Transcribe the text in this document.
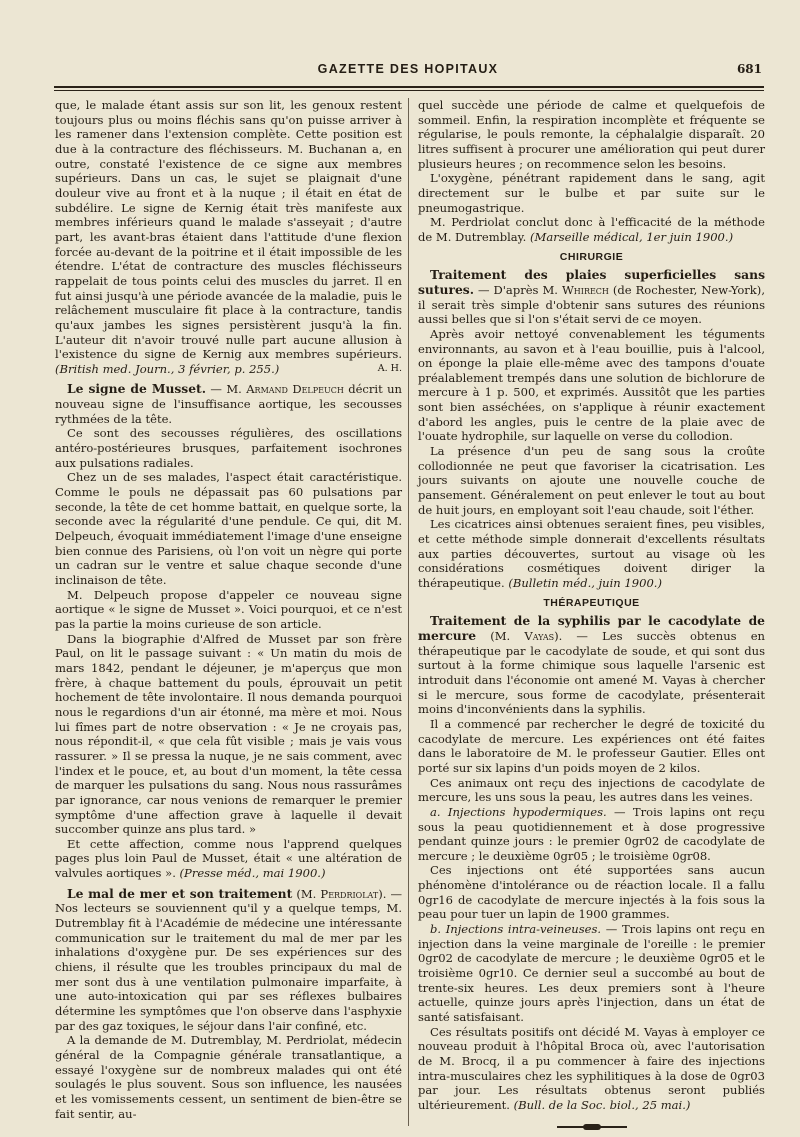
GAZETTE DES HOPITAUX	681

que, le malade étant assis sur son lit, les genoux restent toujours plus ou moins fléchis sans qu'on puisse arriver à les ramener dans l'extension complète. Cette position est due à la contracture des fléchisseurs. M. Buchanan a, en outre, constaté l'existence de ce signe aux membres supérieurs. Dans un cas, le sujet se plaignait d'une douleur vive au front et à la nuque ; il était en état de subdélire. Le signe de Kernig était très manifeste aux membres inférieurs quand le malade s'asseyait ; d'autre part, les avant-bras étaient dans l'attitude d'une flexion forcée au-devant de la poitrine et il était impossible de les étendre. L'état de contracture des muscles fléchisseurs rappelait de tous points celui des muscles du jarret. Il en fut ainsi jusqu'à une période avancée de la maladie, puis le relâchement musculaire fit place à la contracture, tandis qu'aux jambes les signes persistèrent jusqu'à la fin. L'auteur dit n'avoir trouvé nulle part aucune allusion à l'existence du signe de Kernig aux membres supérieurs. (British med. Journ., 3 février, p. 255.)	A. H.

Le signe de Musset. — M. Armand Delpeuch décrit un nouveau signe de l'insuffisance aortique, les secousses rythmées de la tête.

Ce sont des secousses régulières, des oscillations antéro-postérieures brusques, parfaitement isochrones aux pulsations radiales.

Chez un de ses malades, l'aspect était caractéristique. Comme le pouls ne dépassait pas 60 pulsations par seconde, la tête de cet homme battait, en quelque sorte, la seconde avec la régularité d'une pendule. Ce qui, dit M. Delpeuch, évoquait immédiatement l'image d'une enseigne bien connue des Parisiens, où l'on voit un nègre qui porte un cadran sur le ventre et salue chaque seconde d'une inclinaison de tête.

M. Delpeuch propose d'appeler ce nouveau signe aortique « le signe de Musset ». Voici pourquoi, et ce n'est pas la partie la moins curieuse de son article.

Dans la biographie d'Alfred de Musset par son frère Paul, on lit le passage suivant : « Un matin du mois de mars 1842, pendant le déjeuner, je m'aperçus que mon frère, à chaque battement du pouls, éprouvait un petit hochement de tête involontaire. Il nous demanda pourquoi nous le regardions d'un air étonné, ma mère et moi. Nous lui fîmes part de notre observation : « Je ne croyais pas, nous répondit-il, « que cela fût visible ; mais je vais vous rassurer. » Il se pressa la nuque, je ne sais comment, avec l'index et le pouce, et, au bout d'un moment, la tête cessa de marquer les pulsations du sang. Nous nous rassurâmes par ignorance, car nous venions de remarquer le premier symptôme d'une affection grave à laquelle il devait succomber quinze ans plus tard. »

Et cette affection, comme nous l'apprend quelques pages plus loin Paul de Musset, était « une altération de valvules aortiques ». (Presse méd., mai 1900.)

Le mal de mer et son traitement (M. Perdriolat). — Nos lecteurs se souviennent qu'il y a quelque temps, M. Dutremblay fit à l'Académie de médecine une intéressante communication sur le traitement du mal de mer par les inhalations d'oxygène pur. De ses expériences sur des chiens, il résulte que les troubles principaux du mal de mer sont dus à une ventilation pulmonaire imparfaite, à une auto-intoxication qui par ses réflexes bulbaires détermine les symptômes que l'on observe dans l'asphyxie par des gaz toxiques, le séjour dans l'air confiné, etc.

A la demande de M. Dutremblay, M. Perdriolat, médecin général de la Compagnie générale transatlantique, a essayé l'oxygène sur de nombreux malades qui ont été soulagés le plus souvent. Sous son influence, les nausées et les vomissements cessent, un sentiment de bien-être se fait sentir, au-

quel succède une période de calme et quelquefois de sommeil. Enfin, la respiration incomplète et fréquente se régularise, le pouls remonte, la céphalalgie disparaît. 20 litres suffisent à procurer une amélioration qui peut durer plusieurs heures ; on recommence selon les besoins.

L'oxygène, pénétrant rapidement dans le sang, agit directement sur le bulbe et par suite sur le pneumogastrique.

M. Perdriolat conclut donc à l'efficacité de la méthode de M. Dutremblay. (Marseille médical, 1er juin 1900.)

CHIRURGIE

Traitement des plaies superficielles sans sutures. — D'après M. Whirech (de Rochester, New-York), il serait très simple d'obtenir sans sutures des réunions aussi belles que si l'on s'était servi de ce moyen.

Après avoir nettoyé convenablement les téguments environnants, au savon et à l'eau bouillie, puis à l'alcool, on éponge la plaie elle-même avec des tampons d'ouate préalablement trempés dans une solution de bichlorure de mercure à 1 p. 500, et exprimés. Aussitôt que les parties sont bien asséchées, on s'applique à réunir exactement d'abord les angles, puis le centre de la plaie avec de l'ouate hydrophile, sur laquelle on verse du collodion.

La présence d'un peu de sang sous la croûte collodionnée ne peut que favoriser la cicatrisation. Les jours suivants on ajoute une nouvelle couche de pansement. Généralement on peut enlever le tout au bout de huit jours, en employant soit l'eau chaude, soit l'éther.

Les cicatrices ainsi obtenues seraient fines, peu visibles, et cette méthode simple donnerait d'excellents résultats aux parties découvertes, surtout au visage où les considérations cosmétiques doivent diriger la thérapeutique. (Bulletin méd., juin 1900.)

THÉRAPEUTIQUE

Traitement de la syphilis par le cacodylate de mercure (M. Vayas). — Les succès obtenus en thérapeutique par le cacodylate de soude, et qui sont dus surtout à la forme chimique sous laquelle l'arsenic est introduit dans l'économie ont amené M. Vayas à chercher si le mercure, sous forme de cacodylate, présenterait moins d'inconvénients dans la syphilis.

Il a commencé par rechercher le degré de toxicité du cacodylate de mercure. Les expériences ont été faites dans le laboratoire de M. le professeur Gautier. Elles ont porté sur six lapins d'un poids moyen de 2 kilos.

Ces animaux ont reçu des injections de cacodylate de mercure, les uns sous la peau, les autres dans les veines.

a. Injections hypodermiques. — Trois lapins ont reçu sous la peau quotidiennement et à dose progressive pendant quinze jours : le premier 0gr02 de cacodylate de mercure ; le deuxième 0gr05 ; le troisième 0gr08.

Ces injections ont été supportées sans aucun phénomène d'intolérance ou de réaction locale. Il a fallu 0gr16 de cacodylate de mercure injectés à la fois sous la peau pour tuer un lapin de 1900 grammes.

b. Injections intra-veineuses. — Trois lapins ont reçu en injection dans la veine marginale de l'oreille : le premier 0gr02 de cacodylate de mercure ; le deuxième 0gr05 et le troisième 0gr10. Ce dernier seul a succombé au bout de trente-six heures. Les deux premiers sont à l'heure actuelle, quinze jours après l'injection, dans un état de santé satisfaisant.

Ces résultats positifs ont décidé M. Vayas à employer ce nouveau produit à l'hôpital Broca où, avec l'autorisation de M. Brocq, il a pu commencer à faire des injections intra-musculaires chez les syphilitiques à la dose de 0gr03 par jour. Les résultats obtenus seront publiés ultérieurement. (Bull. de la Soc. biol., 25 mai.)
